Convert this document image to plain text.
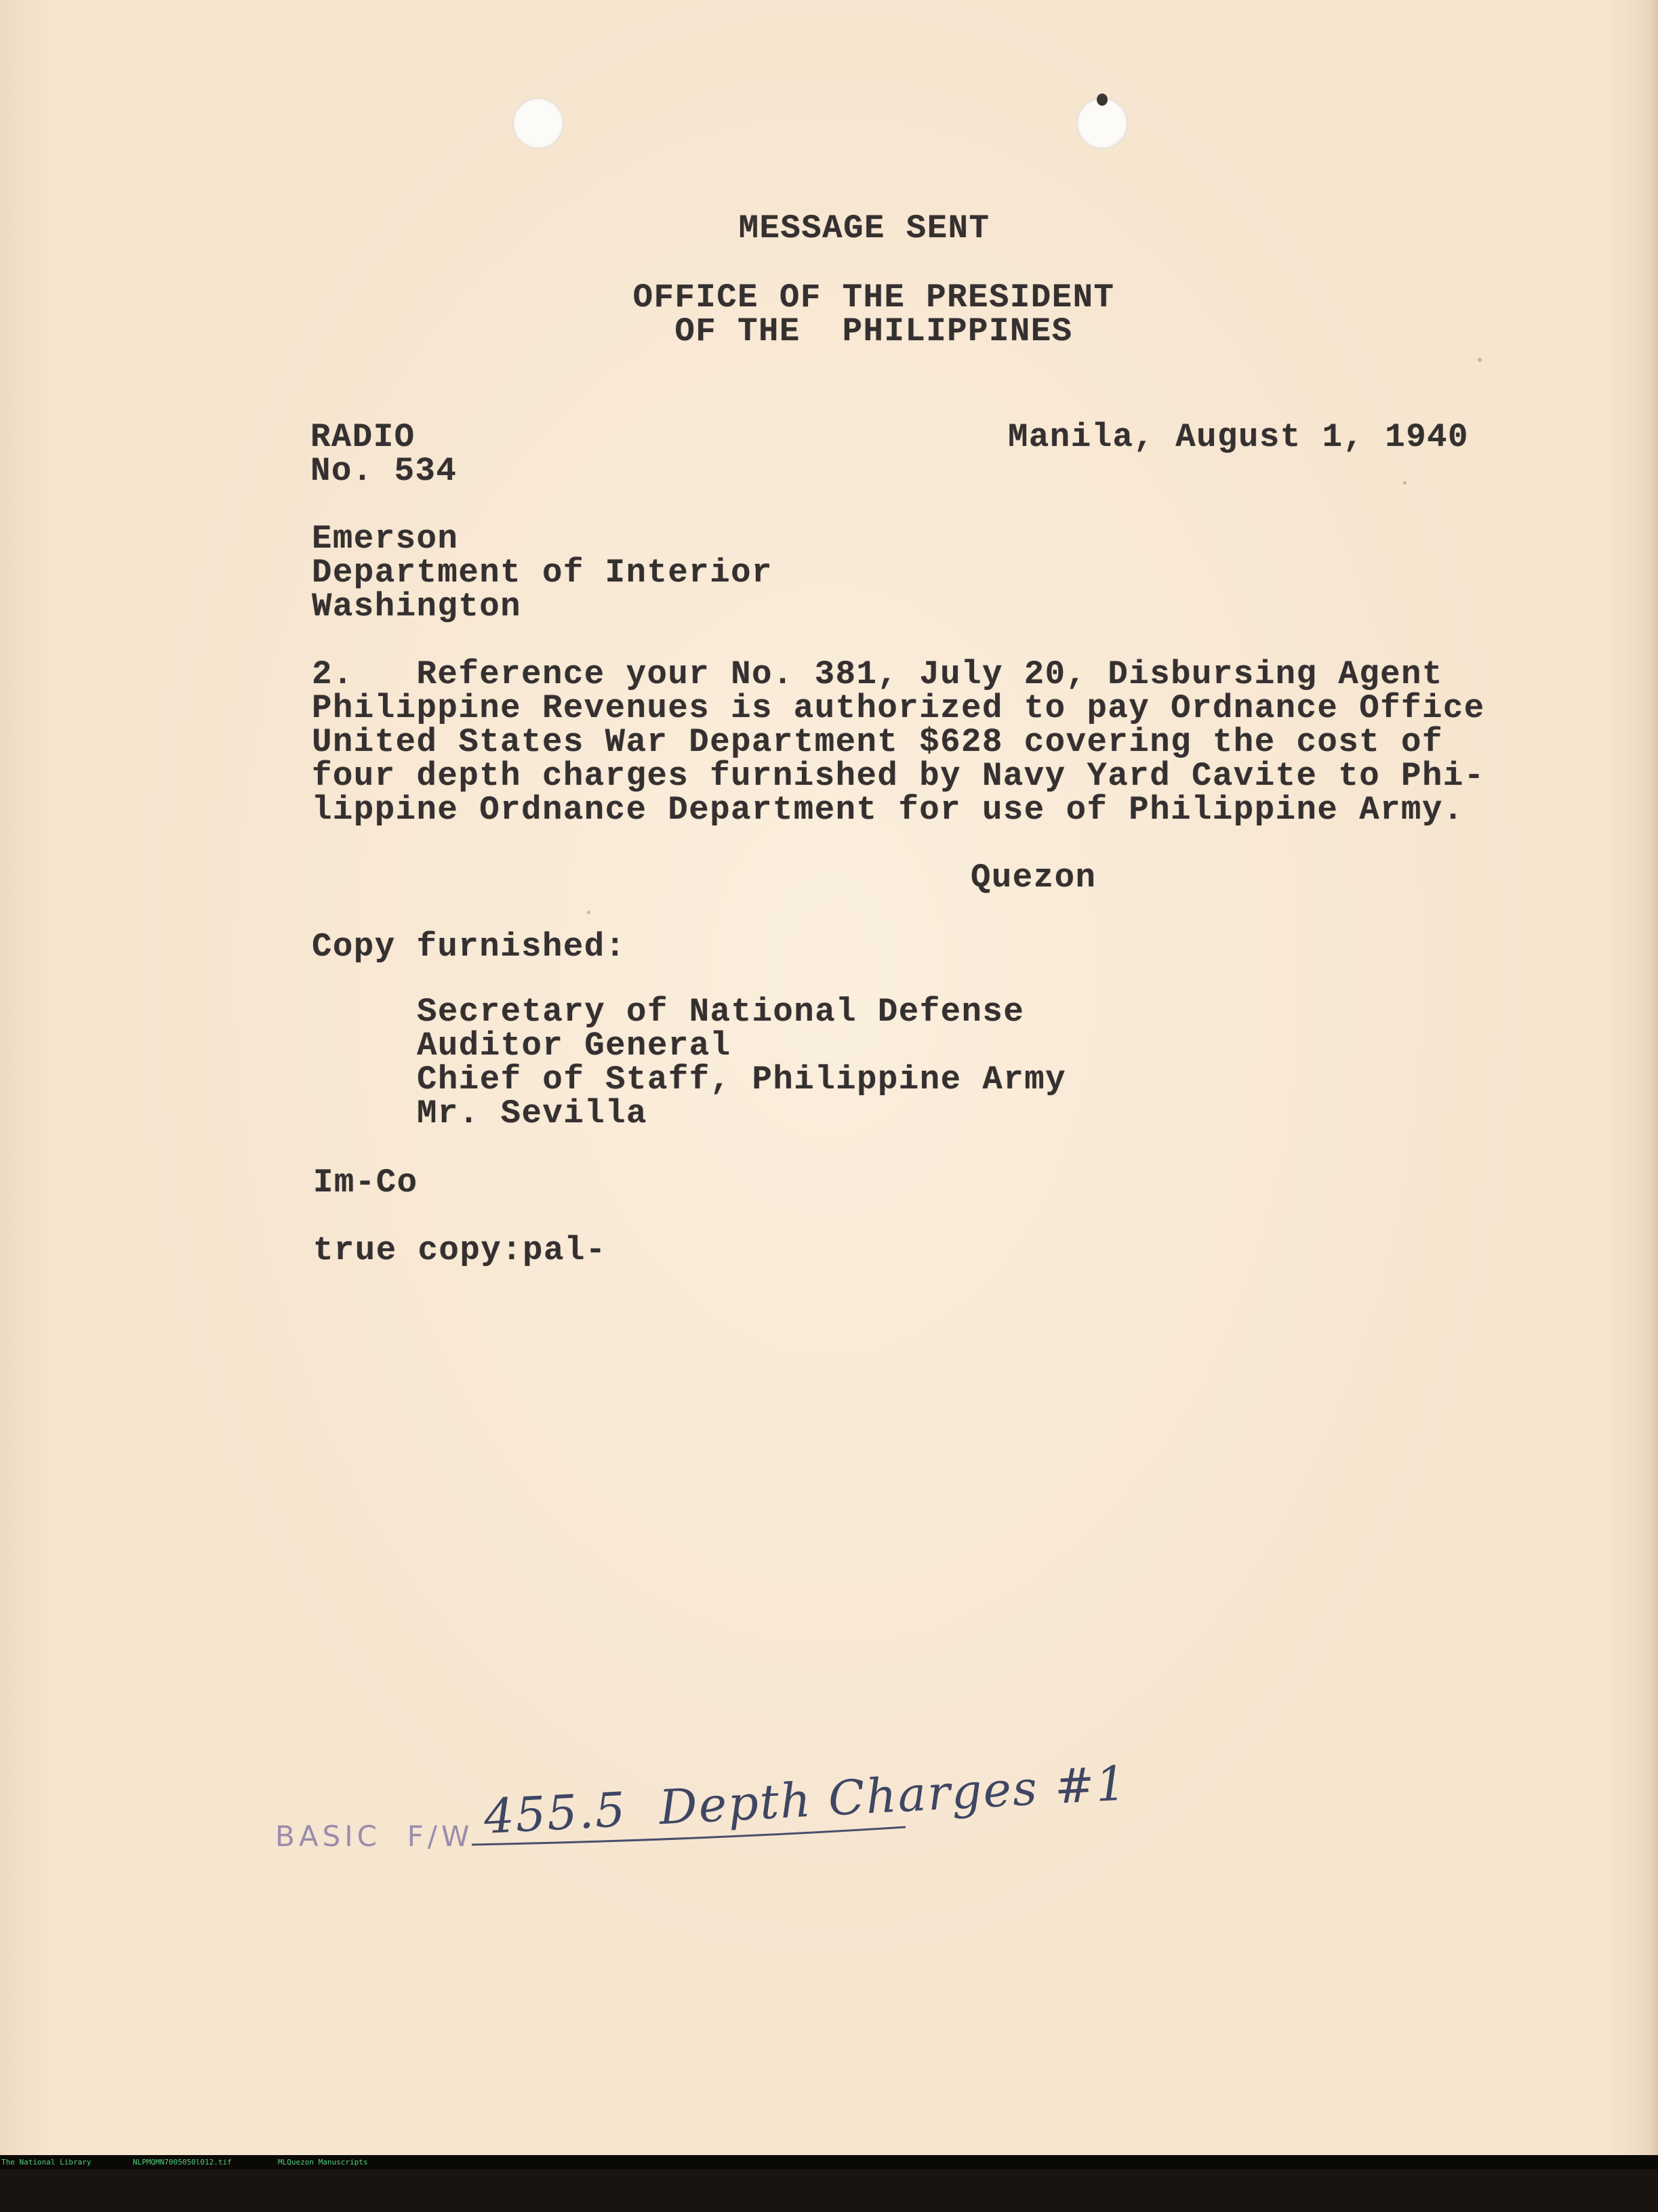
MESSAGE SENT

OFFICE OF THE PRESIDENT

OF THE  PHILIPPINES

RADIO

No. 534

Manila, August 1, 1940

Emerson

Department of Interior

Washington

2.   Reference your No. 381, July 20, Disbursing Agent
Philippine Revenues is authorized to pay Ordnance Office
United States War Department $628 covering the cost of
four depth charges furnished by Navy Yard Cavite to Phi-
lippine Ordnance Department for use of Philippine Army.

Quezon

Copy furnished:

Secretary of National Defense
Auditor General
Chief of Staff, Philippine Army
Mr. Sevilla

Im-Co

true copy:pal-

BASIC  F/W 455.5  Depth Charges #1

The National Library

	NLPMQMN7005050l012.tif

	MLQuezon Manuscripts
